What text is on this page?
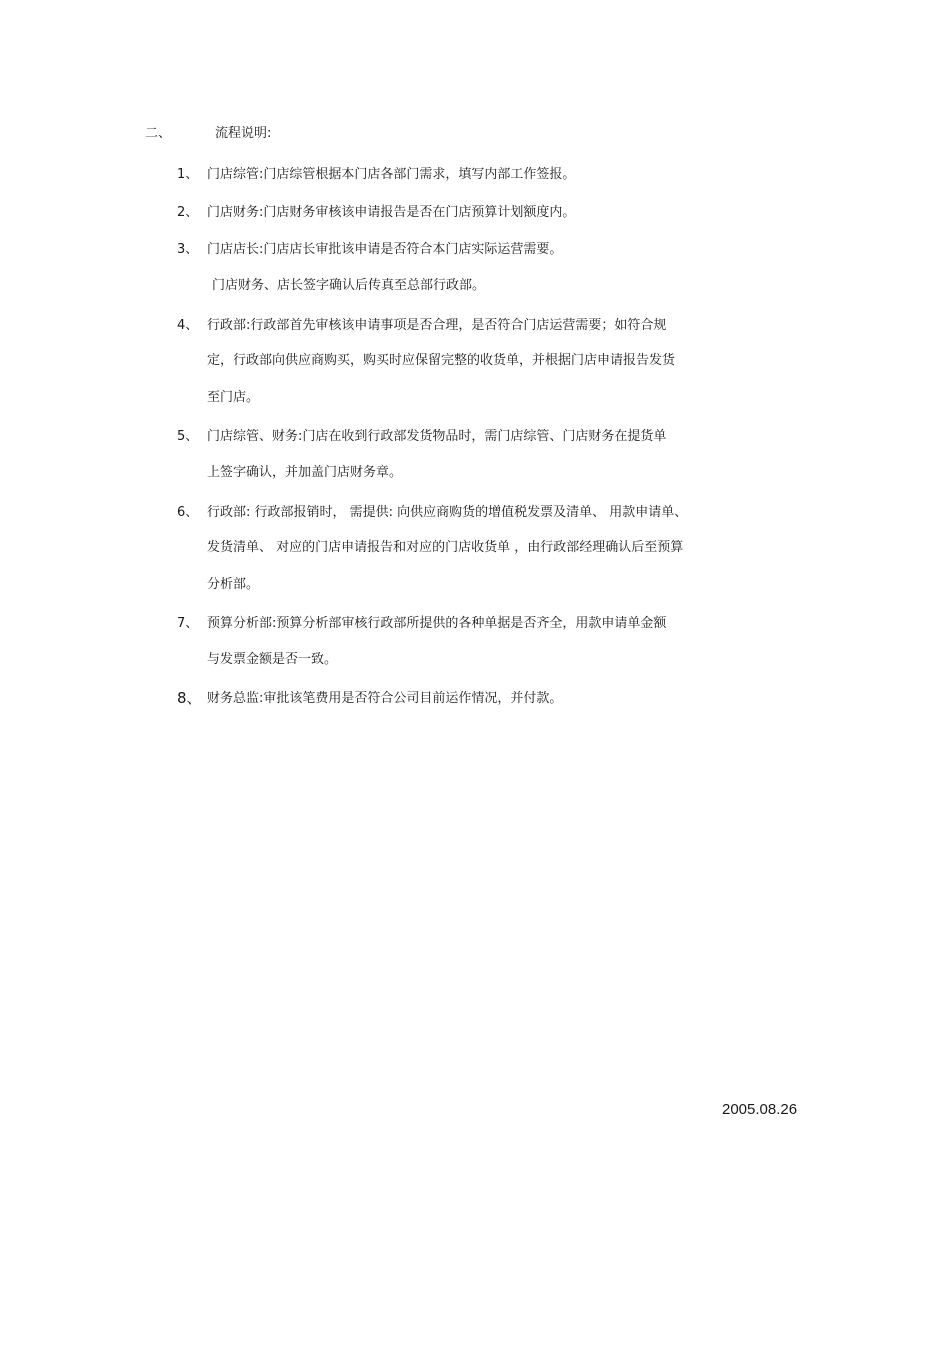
二、	流程说明:
1、 门店综管:门店综管根据本门店各部门需求，填写内部工作签报。
2、 门店财务:门店财务审核该申请报告是否在门店预算计划额度内。
3、 门店店长:门店店长审批该申请是否符合本门店实际运营需要。
门店财务、店长签字确认后传真至总部行政部。
4、 行政部:行政部首先审核该申请事项是否合理，是否符合门店运营需要；如符合规
定，行政部向供应商购买，购买时应保留完整的收货单，并根据门店申请报告发货
至门店。
5、 门店综管、财务:门店在收到行政部发货物品时，需门店综管、门店财务在提货单
上签字确认，并加盖门店财务章。
6、 行政部: 行政部报销时， 需提供: 向供应商购货的增值税发票及清单、 用款申请单、
发货清单、 对应的门店申请报告和对应的门店收货单 ，由行政部经理确认后至预算
分析部。
7、 预算分析部:预算分析部审核行政部所提供的各种单据是否齐全，用款申请单金额
与发票金额是否一致。
8、 财务总监:审批该笔费用是否符合公司目前运作情况，并付款。
2005.08.26
